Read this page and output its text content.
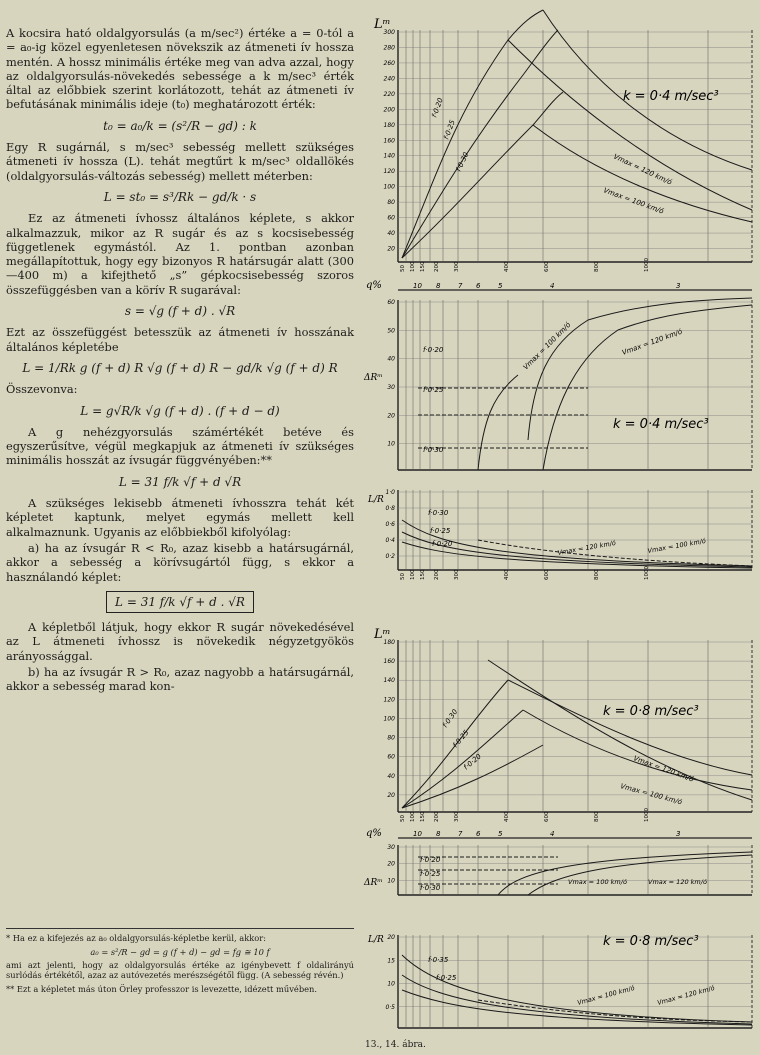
A kocsira ható oldalgyorsulás (a m/sec²) értéke a = 0-tól a = a₀-ig közel egyenletesen növekszik az átmeneti ív hossza mentén. A hossz minimális értéke meg van adva azzal, hogy az oldalgyorsulás-növekedés sebessége a k m/sec³ érték által az előbbiek szerint korlátozott, tehát az átmeneti ív befutásának minimális ideje (t₀) meghatározott érték:

t₀ = a₀/k = (s²/R − gd) : k

Egy R sugárnál, s m/sec³ sebesség mellett szükséges átmeneti ív hossza (L). tehát megtűrt k m/sec³ oldallökés (oldalgyorsulás-változás sebesség) mellett méterben:

L = st₀ = s³/Rk − gd/k · s

Ez az átmeneti ívhossz általános képlete, s akkor alkalmazzuk, mikor az R sugár és az s kocsisebesség függetlenek egymástól. Az 1. pontban azonban megállapítottuk, hogy egy bizonyos R határsugár alatt (300—400 m) a kifejthető „s” gépkocsisebesség szoros összefüggésben van a körív R sugarával:

s = √g (f + d) . √R

Ezt az összefüggést betesszük az átmeneti ív hosszának általános képletébe

L = 1/Rk g (f + d) R √g (f + d) R − gd/k √g (f + d) R

Összevonva:

L = g√R/k √g (f + d) . (f + d − d)

A g nehézgyorsulás számértékét betéve és egyszerűsítve, végül megkapjuk az átmeneti ív szükséges minimális hosszát az ívsugár függvényében:**

L = 31 f/k √f + d √R

A szükséges lekisebb átmeneti ívhosszra tehát két képletet kaptunk, melyet egymás mellett kell alkalmaznunk. Ugyanis az előbbiekből kifolyólag:

a) ha az ívsugár R < R₀, azaz kisebb a határsugárnál, akkor a sebesség a körívsugártól függ, s ekkor a használandó képlet:

L = 31 f/k √f + d . √R

A képletből látjuk, hogy ekkor R sugár növekedésével az L átmeneti ívhossz is növekedik négyzetgyökös arányossággal.

b) ha az ívsugár R > R₀, azaz nagyobb a határsugárnál, akkor a sebesség marad kon-

* Ha ez a kifejezés az a₀ oldalgyorsulás-képletbe kerül, akkor:

a₀ = s²/R − gd = g (f + d) − gd = fg ≅ 10 f

ami azt jelenti, hogy az oldalgyorsulás értéke az igénybevett f oldalirányú surlódás értékétől, azaz az autóvezetés merészségétől függ. (A sebesség révén.)

** Ezt a képletet más úton Örley professzor is levezette, idézett művében.

Lᵐ
300
280
260
240
220
200
180
160
140
120
100
80
60
40
20
50 100 150 200	300	400	600	800	1000
f·0·20
f·0·25
f·0·30
k = 0·4 m/sec³
Vmax = 120 km/ó
Vmax = 100 km/ó
q%	10 8	7 6	5	4	3
ΔRᵐ
60
50
40
30
20
10
f·0·20
f·0·25
f·0·30
Vmax = 100 km/ó	Vmax = 120 km/ó
k = 0·4 m/sec³
L/R
1·0
0·8
0·6
0·4
0·2
50 100 150 200	300	400	600	800	1000
f·0·30
f·0·25
f·0·20	Vmax = 120 km/ó	Vmax = 100 km/ó
Lᵐ
180
160
140
120
100
80
60
40
20
50 100 150 200	300	400	600	800	1000
f·0·30
f·0·25
f·0·20
k = 0·8 m/sec³
Vmax = 120 km/ó
Vmax = 100 km/ó
q%	10 8	7 6	5	4	3
ΔRᵐ
30
20
10
f·0·20
f·0·25
f·0·30
Vmax = 100 km/ó	Vmax = 120 km/ó
L/R 20
15
10
0·5
f·0·35
f·0·25
k = 0·8 m/sec³
Vmax = 100 km/ó	Vmax = 120 km/ó
13., 14. ábra.
